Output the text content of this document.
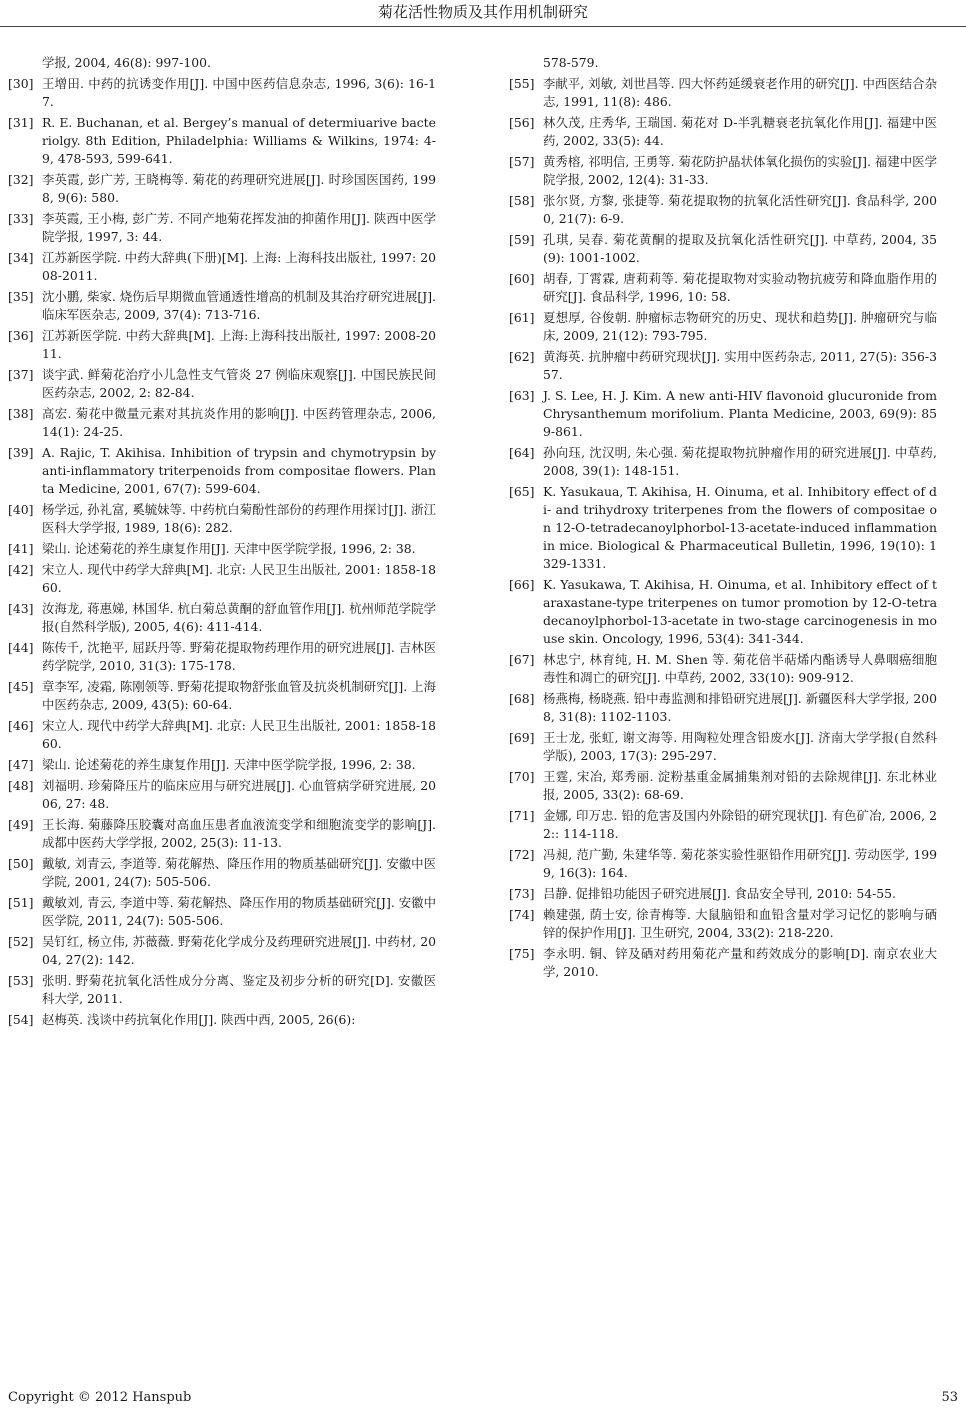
菊花活性物质及其作用机制研究
学报, 2004, 46(8): 997-100.
[30] 王增田. 中药的抗诱变作用[J]. 中国中医药信息杂志, 1996, 3(6): 16-17.
[31] R. E. Buchanan, et al. Bergey’s manual of determiuarive bacteriolgy. 8th Edition, Philadelphia: Williams & Wilkins, 1974: 4-9, 478-593, 599-641.
[32] 李英霞, 彭广芳, 王晓梅等. 菊花的药理研究进展[J]. 时珍国医国药, 1998, 9(6): 580.
[33] 李英霞, 王小梅, 彭广芳. 不同产地菊花挥发油的抑菌作用[J]. 陕西中医学院学报, 1997, 3: 44.
[34] 江苏新医学院. 中药大辞典(下册)[M]. 上海: 上海科技出版社, 1997: 2008-2011.
[35] 沈小鹏, 柴家. 烧伤后早期微血管通透性增高的机制及其治疗研究进展[J]. 临床军医杂志, 2009, 37(4): 713-716.
[36] 江苏新医学院. 中药大辞典[M]. 上海:上海科技出版社, 1997: 2008-2011.
[37] 谈宇武. 鲜菊花治疗小儿急性支气管炎 27 例临床观察[J]. 中国民族民间医药杂志, 2002, 2: 82-84.
[38] 高宏. 菊花中微量元素对其抗炎作用的影响[J]. 中医药管理杂志, 2006, 14(1): 24-25.
[39] A. Rajic, T. Akihisa. Inhibition of trypsin and chymotrypsin by anti-inflammatory triterpenoids from compositae flowers. Planta Medicine, 2001, 67(7): 599-604.
[40] 杨学远, 孙礼富, 奚毓妹等. 中药杭白菊酚性部份的药理作用探讨[J]. 浙江医科大学学报, 1989, 18(6): 282.
[41] 梁山. 论述菊花的养生康复作用[J]. 天津中医学院学报, 1996, 2: 38.
[42] 宋立人. 现代中药学大辞典[M]. 北京: 人民卫生出版社, 2001: 1858-1860.
[43] 汝海龙, 蒋惠娣, 林国华. 杭白菊总黄酮的舒血管作用[J]. 杭州师范学院学报(自然科学版), 2005, 4(6): 411-414.
[44] 陈传千, 沈艳平, 屈跃丹等. 野菊花提取物药理作用的研究进展[J]. 吉林医药学院学, 2010, 31(3): 175-178.
[45] 章李军, 凌霜, 陈刚领等. 野菊花提取物舒张血管及抗炎机制研究[J]. 上海中医药杂志, 2009, 43(5): 60-64.
[46] 宋立人. 现代中药学大辞典[M]. 北京: 人民卫生出版社, 2001: 1858-1860.
[47] 梁山. 论述菊花的养生康复作用[J]. 天津中医学院学报, 1996, 2: 38.
[48] 刘福明. 珍菊降压片的临床应用与研究进展[J]. 心血管病学研究进展, 2006, 27: 48.
[49] 王长海. 菊藤降压胶囊对高血压患者血液流变学和细胞流变学的影响[J]. 成都中医药大学学报, 2002, 25(3): 11-13.
[50] 戴敏, 刘青云, 李道等. 菊花解热、降压作用的物质基础研究[J]. 安徽中医学院, 2001, 24(7): 505-506.
[51] 戴敏刘, 青云, 李道中等. 菊花解热、降压作用的物质基础研究[J]. 安徽中医学院, 2011, 24(7): 505-506.
[52] 吴钉红, 杨立伟, 苏薇薇. 野菊花化学成分及药理研究进展[J]. 中药材, 2004, 27(2): 142.
[53] 张明. 野菊花抗氧化活性成分分离、鉴定及初步分析的研究[D]. 安徽医科大学, 2011.
[54] 赵梅英. 浅谈中药抗氧化作用[J]. 陕西中西, 2005, 26(6):
578-579.
[55] 李献平, 刘敏, 刘世昌等. 四大怀药延缓衰老作用的研究[J]. 中西医结合杂志, 1991, 11(8): 486.
[56] 林久茂, 庄秀华, 王瑞国. 菊花对 D-半乳糖衰老抗氧化作用[J]. 福建中医药, 2002, 33(5): 44.
[57] 黄秀榕, 祁明信, 王勇等. 菊花防护晶状体氧化损伤的实验[J]. 福建中医学院学报, 2002, 12(4): 31-33.
[58] 张尔贤, 方黎, 张捷等. 菊花提取物的抗氧化活性研究[J]. 食品科学, 2000, 21(7): 6-9.
[59] 孔琪, 吴春. 菊花黄酮的提取及抗氧化活性研究[J]. 中草药, 2004, 35(9): 1001-1002.
[60] 胡春, 丁霄霖, 唐莉莉等. 菊花提取物对实验动物抗疲劳和降血脂作用的研究[J]. 食品科学, 1996, 10: 58.
[61] 夏想厚, 谷俊朝. 肿瘤标志物研究的历史、现状和趋势[J]. 肿瘤研究与临床, 2009, 21(12): 793-795.
[62] 黄海英. 抗肿瘤中药研究现状[J]. 实用中医药杂志, 2011, 27(5): 356-357.
[63] J. S. Lee, H. J. Kim. A new anti-HIV flavonoid glucuronide from Chrysanthemum morifolium. Planta Medicine, 2003, 69(9): 859-861.
[64] 孙向珏, 沈汉明, 朱心强. 菊花提取物抗肿瘤作用的研究进展[J]. 中草药, 2008, 39(1): 148-151.
[65] K. Yasukaua, T. Akihisa, H. Oinuma, et al. Inhibitory effect of di- and trihydroxy triterpenes from the flowers of compositae on 12-O-tetradecanoylphorbol-13-acetate-induced inflammation in mice. Biological & Pharmaceutical Bulletin, 1996, 19(10): 1329-1331.
[66] K. Yasukawa, T. Akihisa, H. Oinuma, et al. Inhibitory effect of taraxastane-type triterpenes on tumor promotion by 12-O-tetradecanoylphorbol-13-acetate in two-stage carcinogenesis in mouse skin. Oncology, 1996, 53(4): 341-344.
[67] 林忠宁, 林育纯, H. M. Shen 等. 菊花倍半萜烯内酯诱导人鼻咽癌细胞毒性和凋亡的研究[J]. 中草药, 2002, 33(10): 909-912.
[68] 杨燕梅, 杨晓燕. 铅中毒监测和排铅研究进展[J]. 新疆医科大学学报, 2008, 31(8): 1102-1103.
[69] 王士龙, 张虹, 谢文海等. 用陶粒处理含铅废水[J]. 济南大学学报(自然科学版), 2003, 17(3): 295-297.
[70] 王霆, 宋冶, 郑秀丽. 淀粉基重金属捕集剂对铅的去除规律[J]. 东北林业报, 2005, 33(2): 68-69.
[71] 金娜, 印万忠. 铅的危害及国内外除铅的研究现状[J]. 有色矿冶, 2006, 22:: 114-118.
[72] 冯昶, 范广勤, 朱建华等. 菊花茶实验性驱铅作用研究[J]. 劳动医学, 1999, 16(3): 164.
[73] 吕静. 促排铅功能因子研究进展[J]. 食品安全导刊, 2010: 54-55.
[74] 赖建强, 荫士安, 徐青梅等. 大鼠脑铅和血铅含量对学习记忆的影响与硒锌的保护作用[J]. 卫生研究, 2004, 33(2): 218-220.
[75] 李永明. 铜、锌及硒对药用菊花产量和药效成分的影响[D]. 南京农业大学, 2010.
Copyright © 2012 Hanspub	53
